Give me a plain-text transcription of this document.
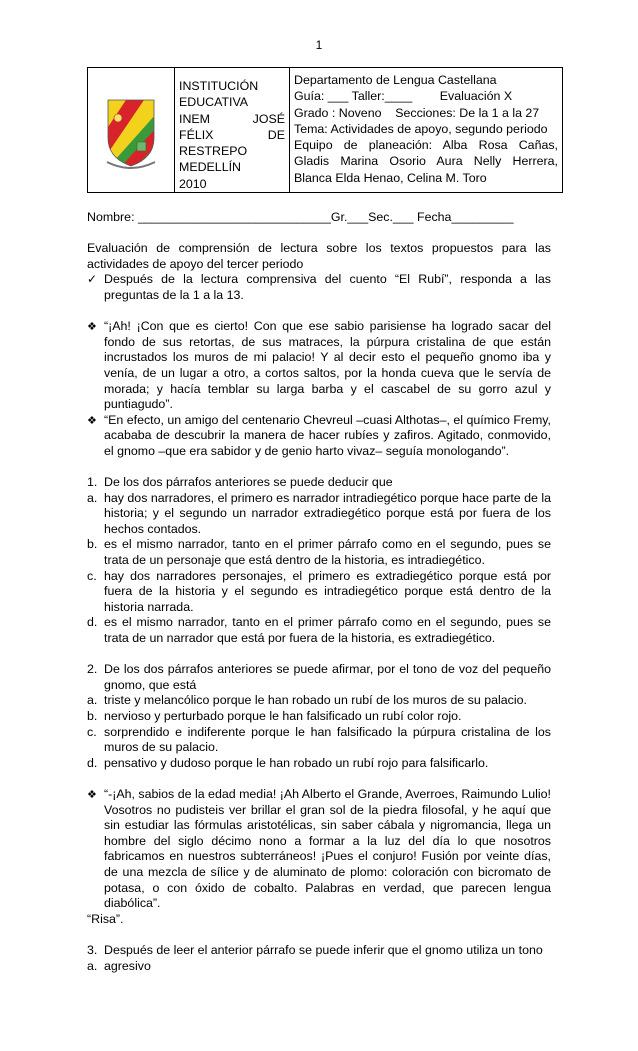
1

INSTITUCIÓN
EDUCATIVA
INEM JOSÉ
FÉLIX DE
RESTREPO
MEDELLÍN
2010

Departamento de Lengua Castellana
Guía: ___ Taller:____        Evaluación X
Grado : Noveno    Secciones: De la 1 a la 27
Tema: Actividades de apoyo, segundo periodo
Equipo de planeación: Alba Rosa Cañas,
Gladis Marina Osorio Aura Nelly Herrera,
Blanca Elda Henao, Celina M. Toro

Nombre: ____________________________Gr.___Sec.___ Fecha_________

Evaluación de comprensión de lectura sobre los textos propuestos para las actividades de apoyo del tercer periodo

✓ Después de la lectura comprensiva del cuento “El Rubí”, responda a las preguntas de la 1 a la 13.
❖ “¡Ah! ¡Con que es cierto! Con que ese sabio parisiense ha logrado sacar del fondo de sus retortas, de sus matraces, la púrpura cristalina de que están incrustados los muros de mi palacio! Y al decir esto el pequeño gnomo iba y venía, de un lugar a otro, a cortos saltos, por la honda cueva que le servía de morada; y hacía temblar su larga barba y el cascabel de su gorro azul y puntiagudo”.
❖ “En efecto, un amigo del centenario Chevreul –cuasi Althotas–, el químico Fremy, acababa de descubrir la manera de hacer rubíes y zafiros. Agitado, conmovido, el gnomo –que era sabidor y de genio harto vivaz– seguía monologando”.
1. De los dos párrafos anteriores se puede deducir que
a. hay dos narradores, el primero es narrador intradiegético porque hace parte de la historia; y el segundo un narrador extradiegético porque está por fuera de los hechos contados.
b. es el mismo narrador, tanto en el primer párrafo como en el segundo, pues se trata de un personaje que está dentro de la historia, es intradiegético.
c. hay dos narradores personajes, el primero es extradiegético porque está por fuera de la historia y el segundo es intradiegético porque está dentro de la historia narrada.
d. es el mismo narrador, tanto en el primer párrafo como en el segundo, pues se trata de un narrador que está por fuera de la historia, es extradiegético.
2. De los dos párrafos anteriores se puede afirmar, por el tono de voz del pequeño gnomo, que está
a. triste y melancólico porque le han robado un rubí de los muros de su palacio.
b. nervioso y perturbado porque le han falsificado un rubí color rojo.
c. sorprendido e indiferente porque le han falsificado la púrpura cristalina de los muros de su palacio.
d. pensativo y dudoso porque le han robado un rubí rojo para falsificarlo.
❖ “-¡Ah, sabios de la edad media! ¡Ah Alberto el Grande, Averroes, Raimundo Lulio! Vosotros no pudisteis ver brillar el gran sol de la piedra filosofal, y he aquí que sin estudiar las fórmulas aristotélicas, sin saber cábala y nigromancia, llega un hombre del siglo décimo nono a formar a la luz del día lo que nosotros fabricamos en nuestros subterráneos! ¡Pues el conjuro! Fusión por veinte días, de una mezcla de sílice y de aluminato de plomo: coloración con bicromato de potasa, o con óxido de cobalto. Palabras en verdad, que parecen lengua diabólica”.

“Risa”.

3. Después de leer el anterior párrafo se puede inferir que el gnomo utiliza un tono
a. agresivo
